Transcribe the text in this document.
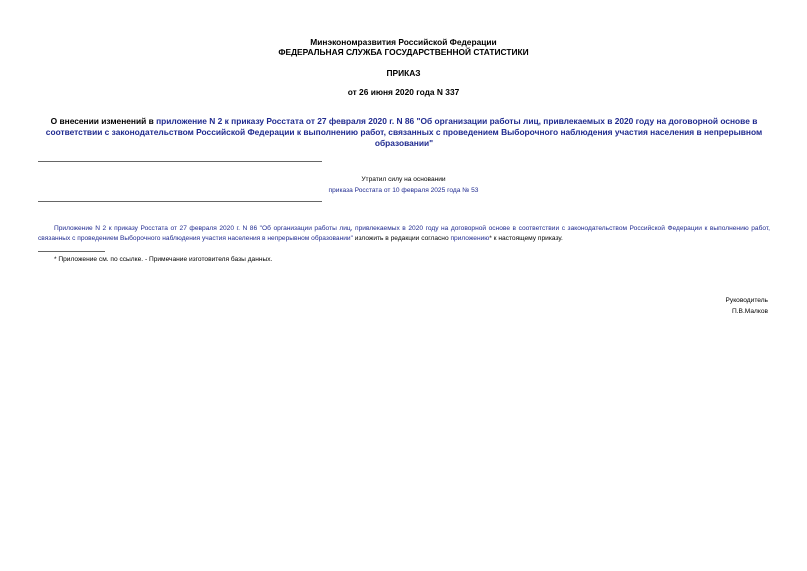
Минэкономразвития Российской Федерации
ФЕДЕРАЛЬНАЯ СЛУЖБА ГОСУДАРСТВЕННОЙ СТАТИСТИКИ
ПРИКАЗ
от 26 июня 2020 года N 337
О внесении изменений в приложение N 2 к приказу Росстата от 27 февраля 2020 г. N 86 "Об организации работы лиц, привлекаемых в 2020 году на договорной основе в соответствии с законодательством Российской Федерации к выполнению работ, связанных с проведением Выборочного наблюдения участия населения в непрерывном образовании"
Утратил силу на основании
приказа Росстата от 10 февраля 2025 года № 53
Приложение N 2 к приказу Росстата от 27 февраля 2020 г. N 86 "Об организации работы лиц, привлекаемых в 2020 году на договорной основе в соответствии с законодательством Российской Федерации к выполнению работ, связанных с проведением Выборочного наблюдения участия населения в непрерывном образовании" изложить в редакции согласно приложению* к настоящему приказу.
* Приложение см. по ссылке. - Примечание изготовителя базы данных.
Руководитель
П.В.Малков
